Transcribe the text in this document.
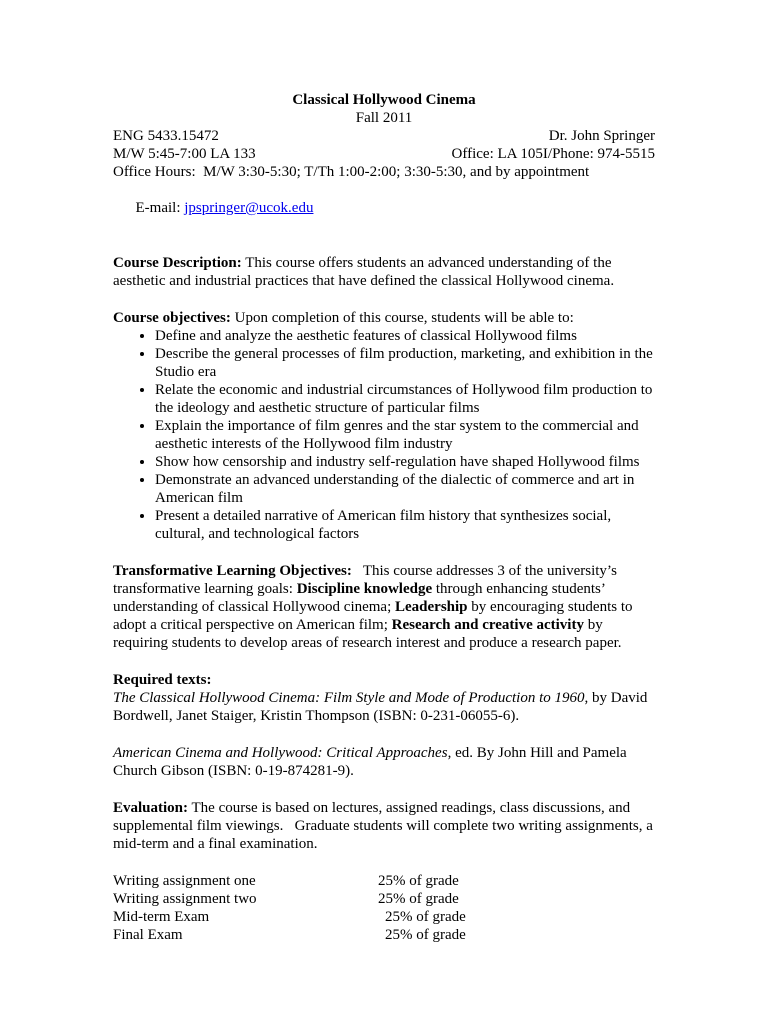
Classical Hollywood Cinema
Fall 2011
ENG 5433.15472	Dr. John Springer
M/W 5:45-7:00 LA 133	Office: LA 105I/Phone: 974-5515
Office Hours:  M/W 3:30-5:30; T/Th 1:00-2:00; 3:30-5:30, and by appointment

E-mail: jpspringer@ucok.edu

Course Description: This course offers students an advanced understanding of the aesthetic and industrial practices that have defined the classical Hollywood cinema.

Course objectives: Upon completion of this course, students will be able to:

• Define and analyze the aesthetic features of classical Hollywood films
• Describe the general processes of film production, marketing, and exhibition in the Studio era
• Relate the economic and industrial circumstances of Hollywood film production to the ideology and aesthetic structure of particular films
• Explain the importance of film genres and the star system to the commercial and aesthetic interests of the Hollywood film industry
• Show how censorship and industry self-regulation have shaped Hollywood films
• Demonstrate an advanced understanding of the dialectic of commerce and art in American film
• Present a detailed narrative of American film history that synthesizes social, cultural, and technological factors

Transformative Learning Objectives:   This course addresses 3 of the university’s transformative learning goals: Discipline knowledge through enhancing students’ understanding of classical Hollywood cinema; Leadership by encouraging students to adopt a critical perspective on American film; Research and creative activity by requiring students to develop areas of research interest and produce a research paper.

Required texts:

The Classical Hollywood Cinema: Film Style and Mode of Production to 1960, by David Bordwell, Janet Staiger, Kristin Thompson (ISBN: 0-231-06055-6).

American Cinema and Hollywood: Critical Approaches, ed. By John Hill and Pamela Church Gibson (ISBN: 0-19-874281-9).

Evaluation: The course is based on lectures, assigned readings, class discussions, and supplemental film viewings.   Graduate students will complete two writing assignments, a mid-term and a final examination.

Writing assignment one	25% of grade
Writing assignment two	25% of grade
Mid-term Exam	25% of grade
Final Exam	25% of grade
